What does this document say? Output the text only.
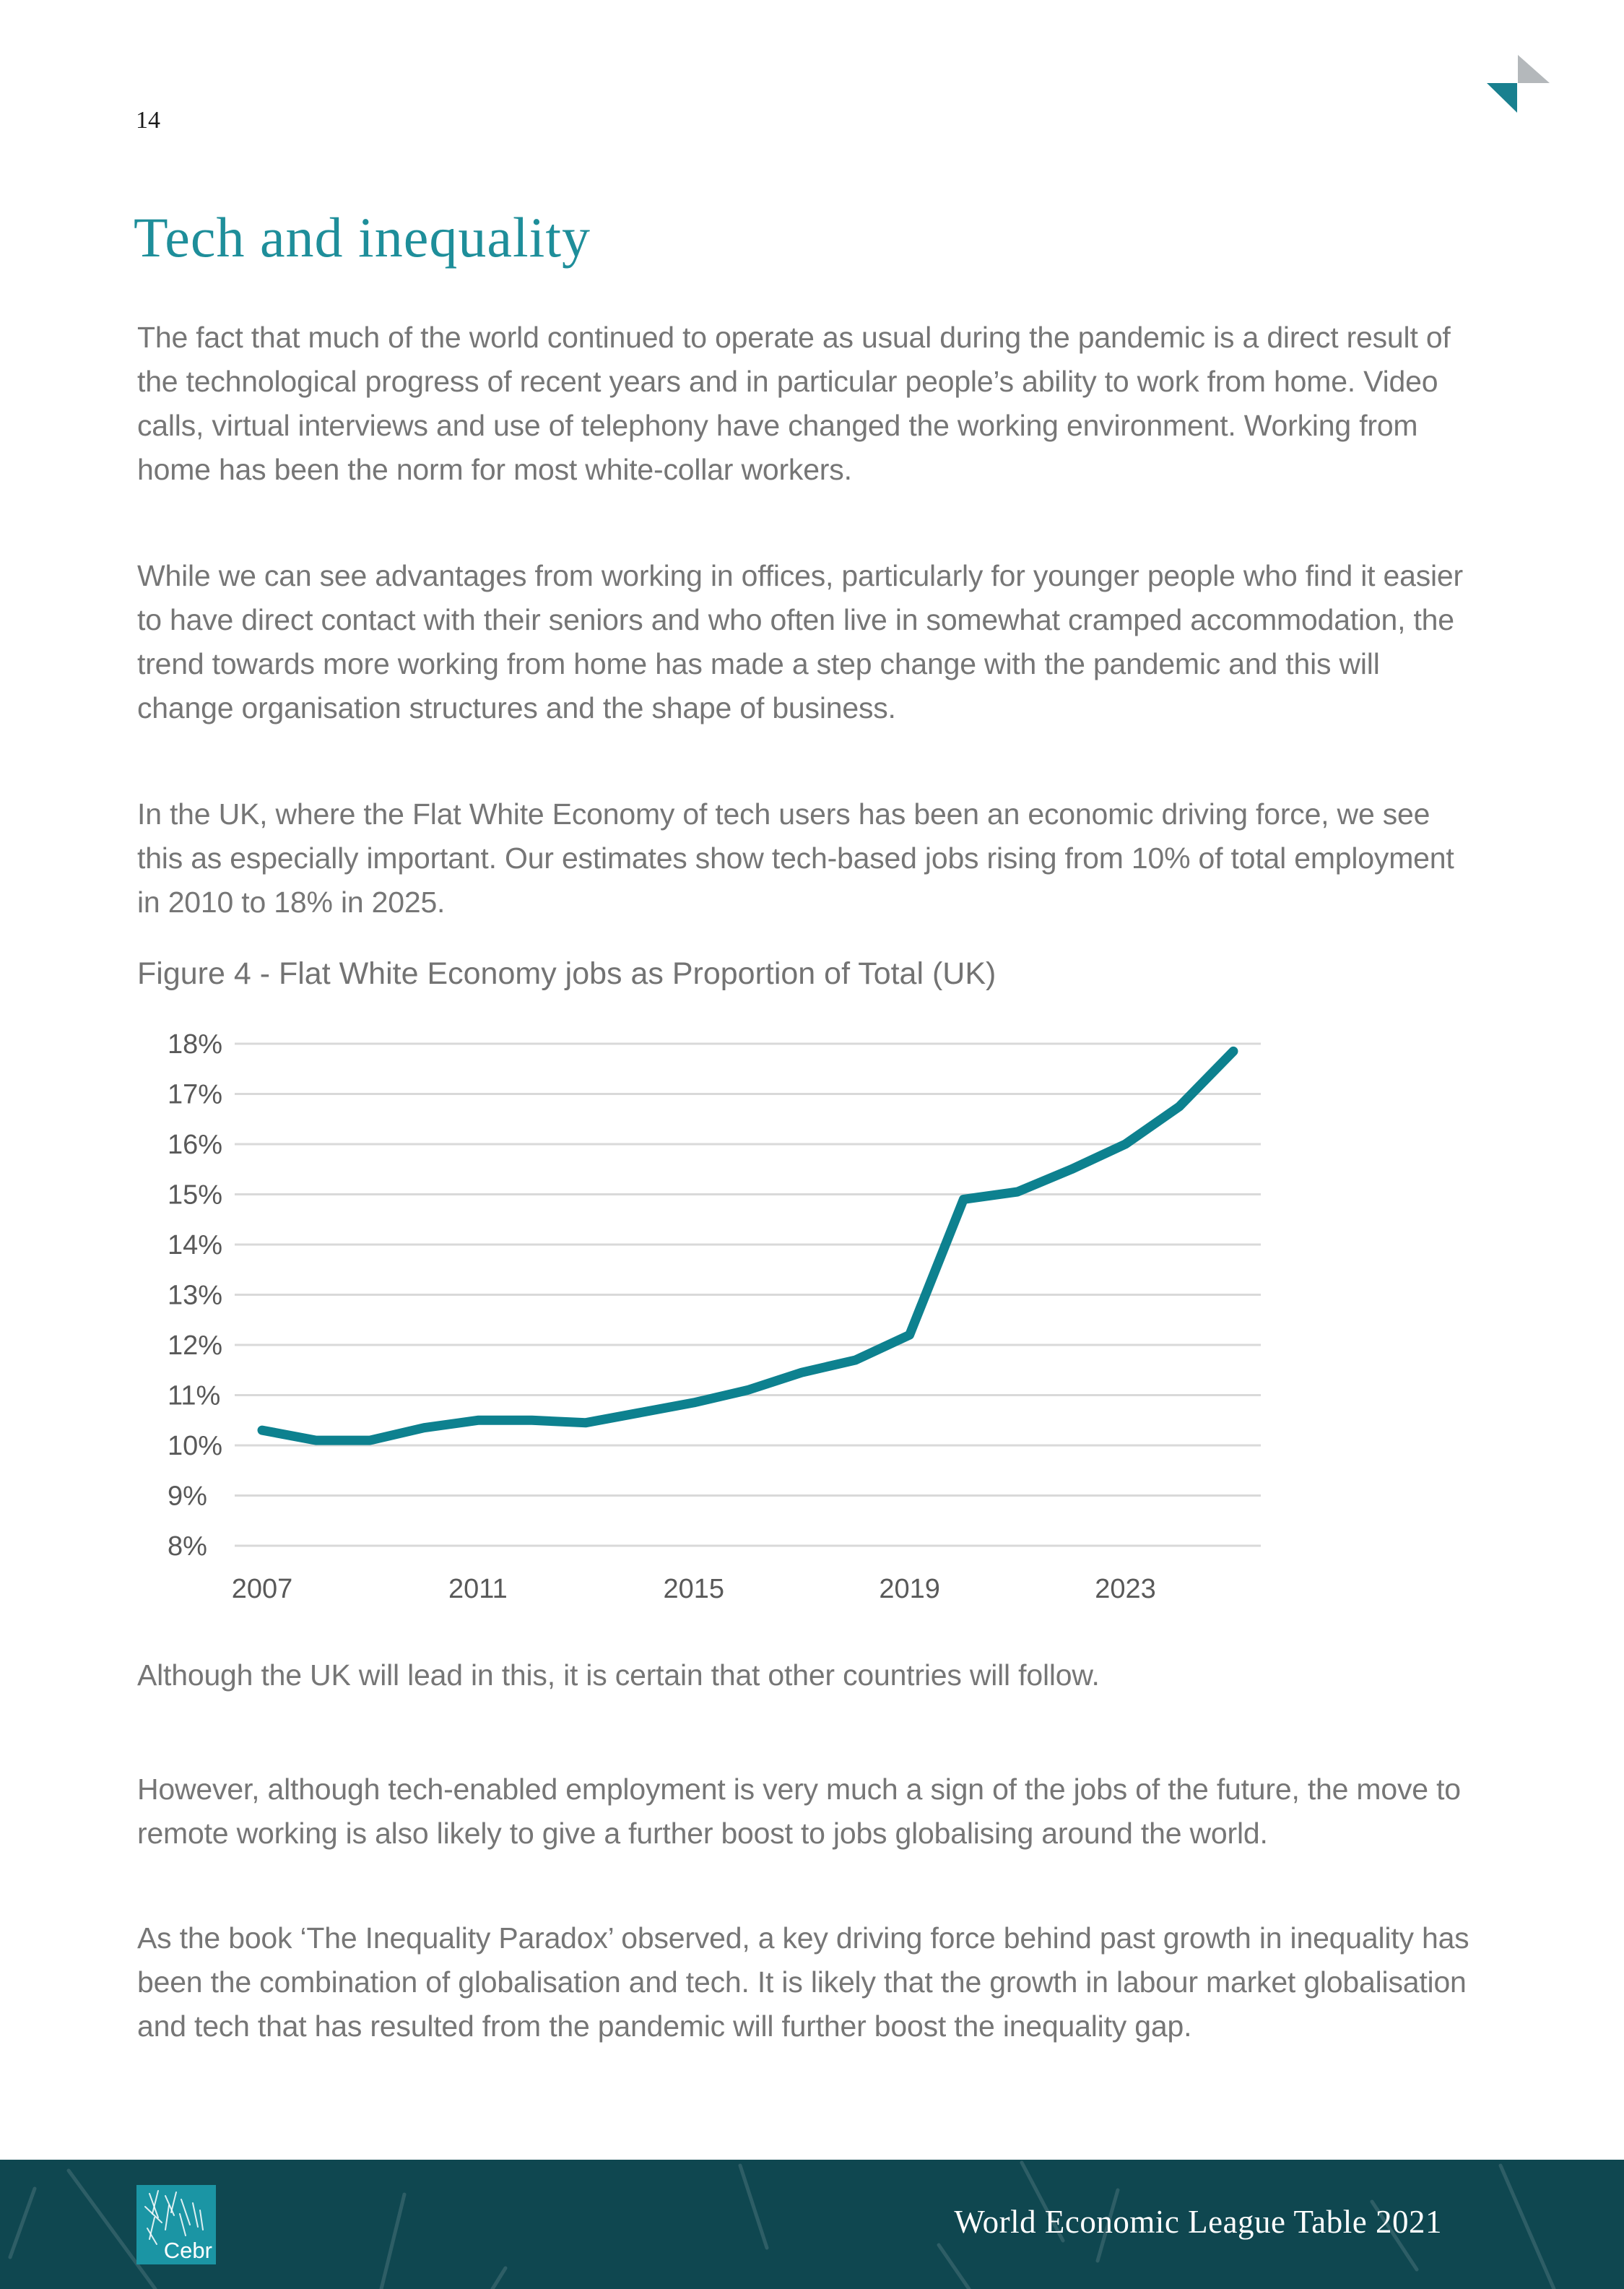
14
Tech and inequality

The fact that much of the world continued to operate as usual during the pandemic is a direct result of the technological progress of recent years and in particular people’s ability to work from home. Video calls, virtual interviews and use of telephony have changed the working environment. Working from home has been the norm for most white-collar workers.

While we can see advantages from working in offices, particularly for younger people who find it easier to have direct contact with their seniors and who often live in somewhat cramped accommodation, the trend towards more working from home has made a step change with the pandemic and this will change organisation structures and the shape of business.

In the UK, where the Flat White Economy of tech users has been an economic driving force, we see this as especially important. Our estimates show tech-based jobs rising from 10% of total employment in 2010 to 18% in 2025.

Figure 4 - Flat White Economy jobs as Proportion of Total (UK)
8%
9%
10%
11%
12%
13%
14%
15%
16%
17%
18%
2007	2011	2015	2019	2023

Although the UK will lead in this, it is certain that other countries will follow.

However, although tech-enabled employment is very much a sign of the jobs of the future, the move to remote working is also likely to give a further boost to jobs globalising around the world.

As the book ‘The Inequality Paradox’ observed, a key driving force behind past growth in inequality has been the combination of globalisation and tech. It is likely that the growth in labour market globalisation and tech that has resulted from the pandemic will further boost the inequality gap.

Cebr
World Economic League Table 2021
